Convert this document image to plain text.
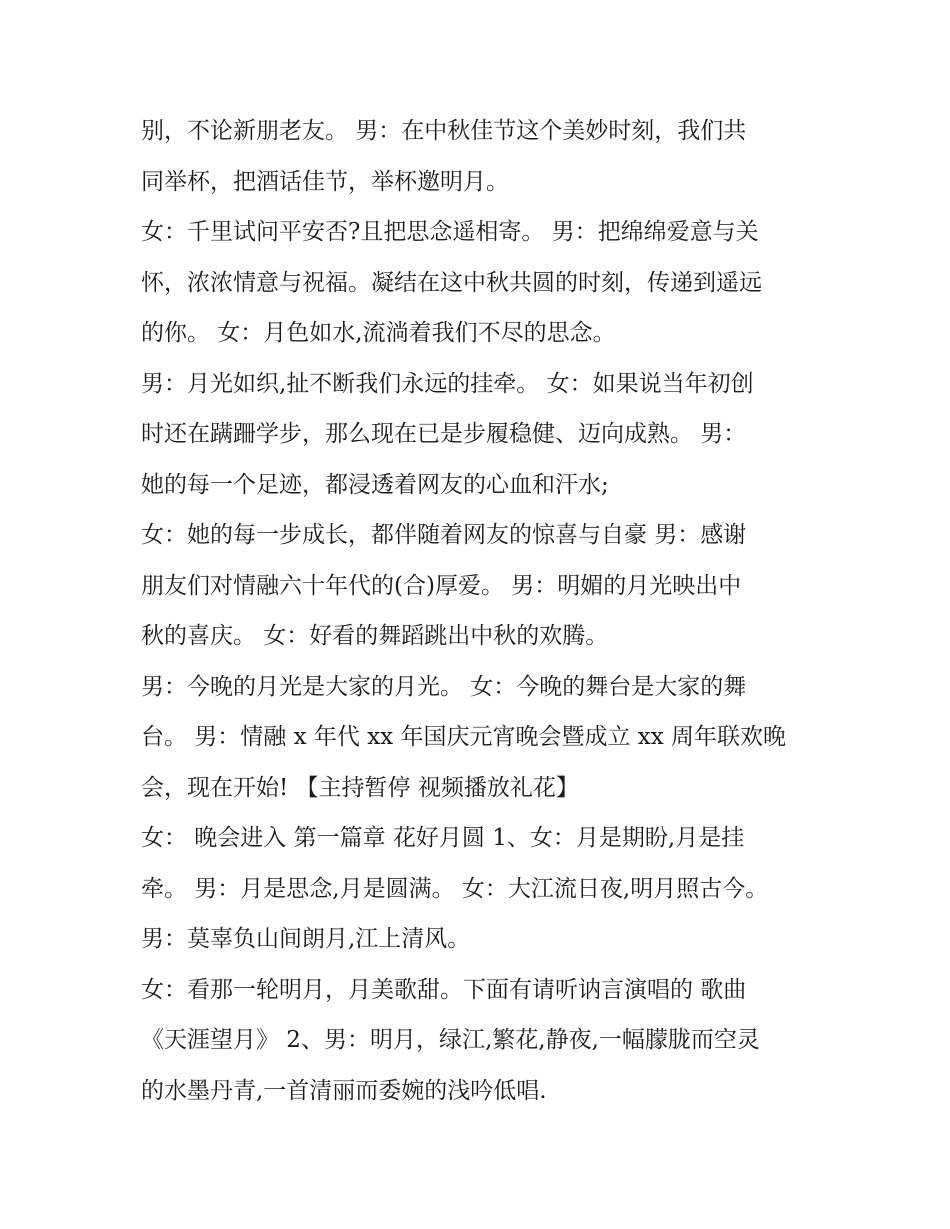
别，不论新朋老友。 男：在中秋佳节这个美妙时刻，我们共
同举杯，把酒话佳节，举杯邀明月。
女：千里试问平安否?且把思念遥相寄。 男：把绵绵爱意与关
怀，浓浓情意与祝福。凝结在这中秋共圆的时刻，传递到遥远
的你。 女：月色如水,流淌着我们不尽的思念。
男：月光如织,扯不断我们永远的挂牵。 女：如果说当年初创
时还在蹒跚学步，那么现在已是步履稳健、迈向成熟。 男：
她的每一个足迹，都浸透着网友的心血和汗水;
女：她的每一步成长，都伴随着网友的惊喜与自豪 男：感谢
朋友们对情融六十年代的(合)厚爱。 男：明媚的月光映出中
秋的喜庆。 女：好看的舞蹈跳出中秋的欢腾。
男：今晚的月光是大家的月光。 女：今晚的舞台是大家的舞
台。 男：情融 x 年代 xx 年国庆元宵晚会暨成立 xx 周年联欢晚
会，现在开始! 【主持暂停 视频播放礼花】
女： 晚会进入 第一篇章 花好月圆 1、女：月是期盼,月是挂
牵。 男：月是思念,月是圆满。 女：大江流日夜,明月照古今。
男：莫辜负山间朗月,江上清风。
女：看那一轮明月，月美歌甜。下面有请听讷言演唱的 歌曲
《天涯望月》 2、男：明月，绿江,繁花,静夜,一幅朦胧而空灵
的水墨丹青,一首清丽而委婉的浅吟低唱.
